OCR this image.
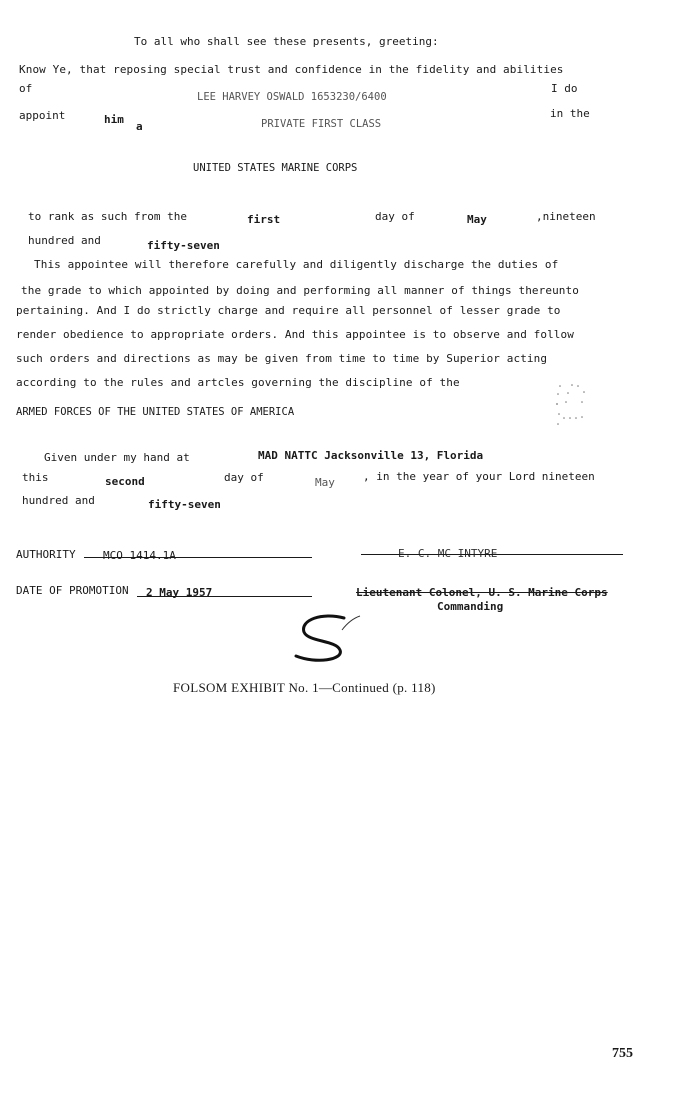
To all who shall see these presents, greeting:
Know Ye, that reposing special trust and confidence in the fidelity and abilities
of
LEE HARVEY OSWALD 1653230/6400
I do
appoint	him
a	PRIVATE FIRST CLASS
in the
UNITED STATES MARINE CORPS
to rank as such from the	first	day of	May	,nineteen
hundred and	fifty-seven
This appointee will therefore carefully and diligently discharge the duties of
the grade to which appointed by doing and performing all manner of things thereunto
pertaining. And I do strictly charge and require all personnel of lesser grade to
render obedience to appropriate orders. And this appointee is to observe and follow
such orders and directions as may be given from time to time by Superior acting
according to the rules and artcles governing the discipline of the
ARMED FORCES OF THE UNITED STATES OF AMERICA
Given under my hand at	MAD NATTC Jacksonville 13, Florida
this	second	day of	May	, in the year of your Lord nineteen
hundred and	fifty-seven
AUTHORITY MCO 1414.1A	E. C. MC INTYRE
DATE OF PROMOTION 2 May 1957	Lieutenant Colonel, U. S. Marine Corps
Commanding
FOLSOM EXHIBIT No. 1—Continued (p. 118)
755
